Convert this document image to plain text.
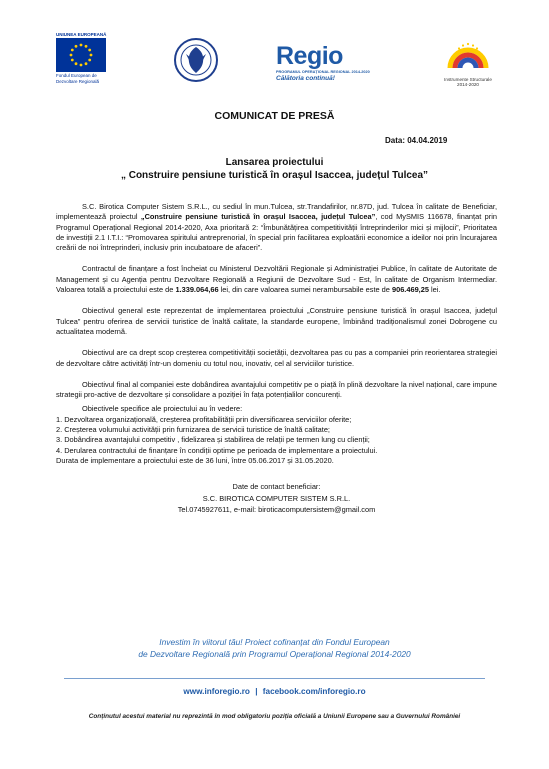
UNIUNEA EUROPEANĂ
Fondul European de
Dezvoltare Regională
Regio
PROGRAMUL OPERAȚIONAL REGIONAL 2014-2020
Călătoria continuă!	Instrumente Structurale
2014-2020
COMUNICAT DE PRESĂ
Data: 04.04.2019
Lansarea proiectului
„ Construire pensiune turistică în orașul Isaccea, județul Tulcea”

S.C. Birotica Computer Sistem S.R.L., cu sediul în mun.Tulcea, str.Trandafirilor, nr.87D, jud. Tulcea în calitate de Beneficiar, implementează proiectul „Construire pensiune turistică în orașul Isaccea, județul Tulcea”, cod MySMIS 116678, finanțat prin Programul Operațional Regional 2014-2020, Axa prioritară 2: “Îmbunătățirea competitivității întreprinderilor mici și mijlocii”, Prioritatea de investiții 2.1 I.T.I.: “Promovarea spiritului antreprenorial, în special prin facilitarea exploatării economice a ideilor noi prin încurajarea creării de noi întreprinderi, inclusiv prin incubatoare de afaceri”.

Contractul de finanțare a fost încheiat cu Ministerul Dezvoltării Regionale și Administrației Publice, în calitate de Autoritate de Management și cu Agenția pentru Dezvoltare Regională a Regiunii de Dezvoltare Sud - Est, în calitate de Organism Intermediar. Valoarea totală a proiectului este de 1.339.064,66 lei, din care valoarea sumei nerambursabile este de 906.469,25 lei.

Obiectivul general este reprezentat de implementarea proiectului „Construire pensiune turistică în orașul Isaccea, județul Tulcea” pentru oferirea de servicii turistice de înaltă calitate, la standarde europene, îmbinând tradiționalismul zonei Dobrogene cu actualitatea modernă.

Obiectivul are ca drept scop creșterea competitivității societății, dezvoltarea pas cu pas a companiei prin reorientarea strategiei de dezvoltare către activități într-un domeniu cu totul nou, inovativ, cel al serviciilor turistice.

Obiectivul final al companiei este dobândirea avantajului competitiv pe o piață în plină dezvoltare la nivel național, care impune strategii pro-active de dezvoltare și consolidare a poziției în fața potențialilor concurenți.

Obiectivele specifice ale proiectului au în vedere:

1. Dezvoltarea organizațională, creșterea profitabilității prin diversificarea serviciilor oferite;
2. Creșterea volumului activității prin furnizarea de servicii turistice de înaltă calitate;
3. Dobândirea avantajului competitiv , fidelizarea și stabilirea de relații pe termen lung cu clienții;
4. Derularea contractului de finanțare în condiții optime pe perioada de implementare a proiectului.
Durata de implementare a proiectului este de 36 luni, între 05.06.2017 și 31.05.2020.
Date de contact beneficiar:
S.C. BIROTICA COMPUTER SISTEM S.R.L.
Tel.0745927611, e-mail: biroticacomputersistem@gmail.com
Investim în viitorul tău! Proiect cofinanțat din Fondul European
de Dezvoltare Regională prin Programul Operațional Regional 2014-2020
www.inforegio.ro | facebook.com/inforegio.ro
Conținutul acestui material nu reprezintă în mod obligatoriu poziția oficială a Uniunii Europene sau a Guvernului României
